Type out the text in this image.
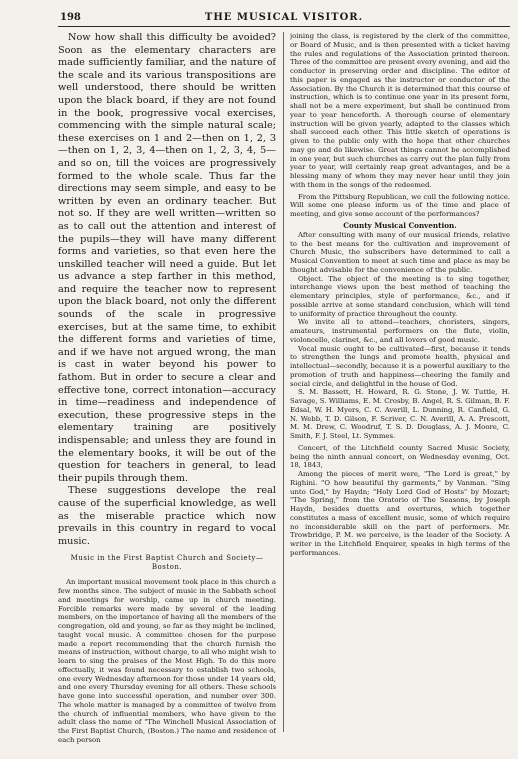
198	THE MUSICAL VISITOR.

Now how shall this difficulty be avoided? Soon as the elementary characters are made sufficiently familiar, and the nature of the scale and its various transpositions are well understood, there should be written upon the black board, if they are not found in the book, progressive vocal exercises, commencing with the simple natural scale; these exercises on 1 and 2—then on 1, 2, 3—then on 1, 2, 3, 4—then on 1, 2, 3, 4, 5—and so on, till the voices are progressively formed to the whole scale. Thus far the directions may seem simple, and easy to be written by even an ordinary teacher. But not so. If they are well written—written so as to call out the attention and interest of the pupils—they will have many different forms and varieties, so that even here the unskilled teacher will need a guide. But let us advance a step farther in this method, and require the teacher now to represent upon the black board, not only the different sounds of the scale in progressive exercises, but at the same time, to exhibit the different forms and varieties of time, and if we have not argued wrong, the man is cast in water beyond his power to fathom. But in order to secure a clear and effective tone, correct intonation—accuracy in time—readiness and independence of execution, these progressive steps in the elementary training are positively indispensable; and unless they are found in the elementary books, it will be out of the question for teachers in general, to lead their pupils through them.

These suggestions develope the real cause of the superficial knowledge, as well as the miserable practice which now prevails in this country in regard to vocal music.

Music in the First Baptist Church and Society—Boston.

An important musical movement took place in this church a few months since. The subject of music in the Sabbath school and meetings for worship, came up in church meeting. Forcible remarks were made by several of the leading members, on the importance of having all the members of the congregation, old and young, so far as they might be inclined, taught vocal music. A committee chosen for the purpose made a report recommending that the church furnish the means of instruction, without charge, to all who might wish to learn to sing the praises of the Most High. To do this more effectually, it was found necessary to establish two schools, one every Wednesday afternoon for those under 14 years old, and one every Thursday evening for all others. These schools have gone into successful operation, and number over 300. The whole matter is managed by a committee of twelve from the church of influential members, who have given to the adult class the name of "The Winchell Musical Association of the First Baptist Church, (Boston.) The name and residence of each person

joining the class, is registered by the clerk of the committee, or Board of Music, and is then presented with a ticket having the rules and regulations of the Association printed thereon. Three of the committee are present every evening, and aid the conductor in preserving order and discipline. The editor of this paper is engaged as the instructor or conductor of the Association. By the Church it is determined that this course of instruction, which is to continue one year in its present form, shall not be a mere experiment, but shall be continued from year to year henceforth. A thorough course of elementary instruction will be given yearly, adapted to the classes which shall succeed each other. This little sketch of operations is given to the public only with the hope that other churches may go and do likewise. Great things cannot be accomplished in one year, but such churches as carry out the plan fully from year to year, will certainly reap great advantages, and be a blessing many of whom they may never hear until they join with them in the songs of the redeemed.

From the Pittsburg Republican, we cull the following notice. Will some one please inform us of the time and place of meeting, and give some account of the performances?

County Musical Convention.

After consulting with many of our musical friends, relative to the best means for the cultivation and improvement of Church Music, the subscribers have determined to call a Musical Convention to meet at such time and place as may be thought advisable for the convenience of the public.

Object. The object of the meeting is to sing together, interchange views upon the best method of teaching the elementary principles, style of performance, &c., and if possible arrive at some standard conclusion, which will tend to uniformity of practice throughout the county.

We invite all to attend—teachers, choristers, singers, amateurs, instrumental performers on the flute, violin, violoncello, clarinet, &c., and all lovers of good music.

Vocal music ought to be cultivated—first, because it tends to strengthen the lungs and promote health, physical and intellectual—secondly, because it is a powerful auxiliary to the promotion of truth and happiness—cheering the family and social circle, and delightful in the house of God.

S. M. Bassett, H. Howard, R. G. Stone, J. W. Tuttle, H. Savage, S. Williams, E. M. Crosby, B. Angel, R. S. Gilman, B. F. Edsal, W. H. Myers, C. C. Averill, L. Dunning, R. Canfield, G. N. Webb, T. D. Gilson, F. Scriver, C. N. Averill, A. A. Prescott, M. M. Drew, C. Woodruf, T. S. D. Douglass, A. J. Moore, C. Smith, F. J. Steel, Lt. Symmes.

Concert, of the Litchfield county Sacred Music Society, being the ninth annual concert, on Wednesday evening, Oct. 18, 1843,

Among the pieces of merit were, "The Lord is great," by Righini. "O how beautiful thy garments," by Vanman. "Sing unto God," by Haydn; "Holy Lord God of Hosts" by Mozart; "The Spring," from the Oratorio of The Seasons, by Joseph Haydn, besides duetts and overtures, which together constitutes a mass of excellent music, some of which require no inconsiderable skill on the part of performers. Mr. Trowbridge, P. M. we perceive, is the leader of the Society. A writer in the Litchfield Enquirer, speaks in high terms of the performances.
